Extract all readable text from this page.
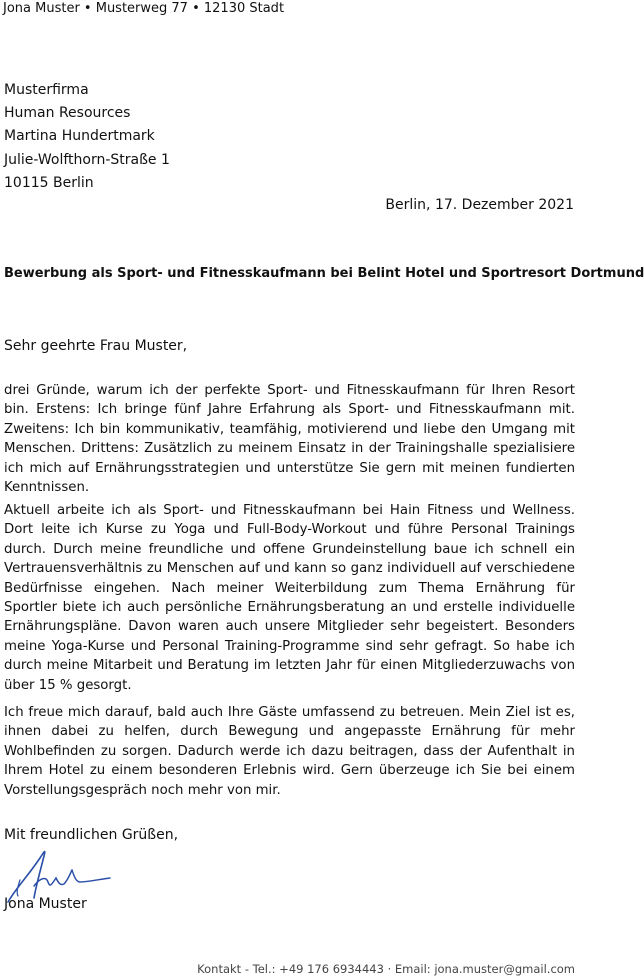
Jona Muster • Musterweg 77 • 12130 Stadt
Musterfirma
Human Resources
Martina Hundertmark
Julie-Wolfthorn-Straße 1
10115 Berlin
Berlin, 17. Dezember 2021
Bewerbung als Sport- und Fitnesskaufmann bei Belint Hotel und Sportresort Dortmund
Sehr geehrte Frau Muster,

drei Gründe, warum ich der perfekte Sport- und Fitnesskaufmann für Ihren Resort bin. Erstens: Ich bringe fünf Jahre Erfahrung als Sport- und Fitnesskaufmann mit. Zweitens: Ich bin kommunikativ, teamfähig, motivierend und liebe den Umgang mit Menschen. Drittens: Zusätzlich zu meinem Einsatz in der Trainingshalle spezialisiere ich mich auf Ernährungsstrategien und unterstütze Sie gern mit meinen fundierten Kenntnissen.

Aktuell arbeite ich als Sport- und Fitnesskaufmann bei Hain Fitness und Wellness. Dort leite ich Kurse zu Yoga und Full-Body-Workout und führe Personal Trainings durch. Durch meine freundliche und offene Grundeinstellung baue ich schnell ein Vertrauensverhältnis zu Menschen auf und kann so ganz individuell auf verschiedene Bedürfnisse eingehen. Nach meiner Weiterbildung zum Thema Ernährung für Sportler biete ich auch persönliche Ernährungsberatung an und erstelle individuelle Ernährungspläne. Davon waren auch unsere Mitglieder sehr begeistert. Besonders meine Yoga-Kurse und Personal Training-Programme sind sehr gefragt. So habe ich durch meine Mitarbeit und Beratung im letzten Jahr für einen Mitgliederzuwachs von über 15 % gesorgt.

Ich freue mich darauf, bald auch Ihre Gäste umfassend zu betreuen. Mein Ziel ist es, ihnen dabei zu helfen, durch Bewegung und angepasste Ernährung für mehr Wohlbefinden zu sorgen. Dadurch werde ich dazu beitragen, dass der Aufenthalt in Ihrem Hotel zu einem besonderen Erlebnis wird. Gern überzeuge ich Sie bei einem Vorstellungsgespräch noch mehr von mir.

Mit freundlichen Grüßen,
Jona Muster
Kontakt - Tel.: +49 176 6934443 · Email: jona.muster@gmail.com
